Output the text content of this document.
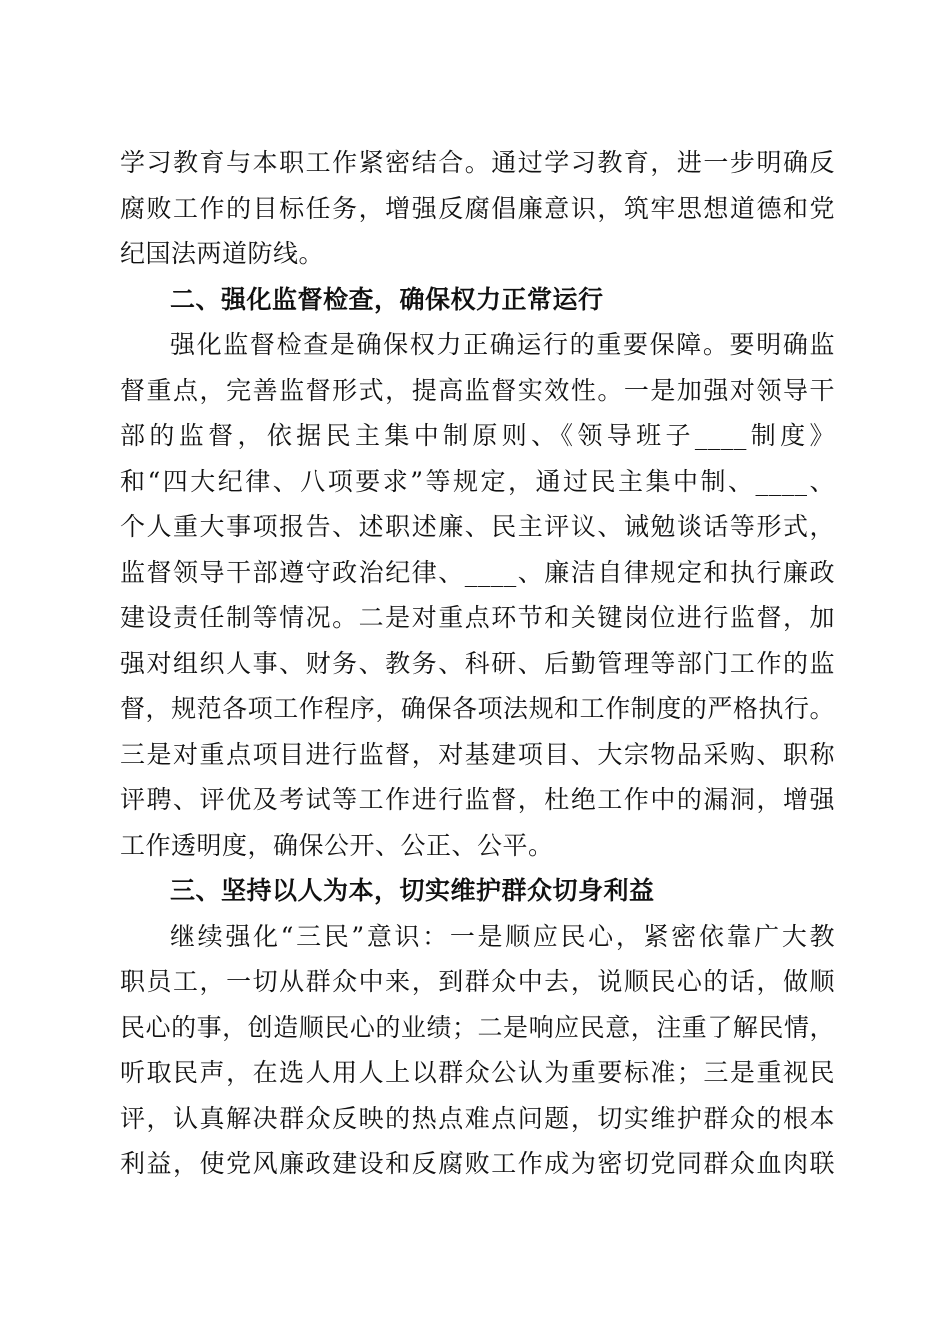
学习教育与本职工作紧密结合。通过学习教育，进一步明确反
腐败工作的目标任务，增强反腐倡廉意识，筑牢思想道德和党
纪国法两道防线。
二、强化监督检查，确保权力正常运行
强化监督检查是确保权力正确运行的重要保障。要明确监
督重点，完善监督形式，提高监督实效性。一是加强对领导干
部的监督，依据民主集中制原则、《领导班子____制度》
和“四大纪律、八项要求”等规定，通过民主集中制、____、
个人重大事项报告、述职述廉、民主评议、诫勉谈话等形式，
监督领导干部遵守政治纪律、____、廉洁自律规定和执行廉政
建设责任制等情况。二是对重点环节和关键岗位进行监督，加
强对组织人事、财务、教务、科研、后勤管理等部门工作的监
督，规范各项工作程序，确保各项法规和工作制度的严格执行。
三是对重点项目进行监督，对基建项目、大宗物品采购、职称
评聘、评优及考试等工作进行监督，杜绝工作中的漏洞，增强
工作透明度，确保公开、公正、公平。
三、坚持以人为本，切实维护群众切身利益
继续强化“三民”意识：一是顺应民心，紧密依靠广大教
职员工，一切从群众中来，到群众中去，说顺民心的话，做顺
民心的事，创造顺民心的业绩；二是响应民意，注重了解民情，
听取民声，在选人用人上以群众公认为重要标准；三是重视民
评，认真解决群众反映的热点难点问题，切实维护群众的根本
利益，使党风廉政建设和反腐败工作成为密切党同群众血肉联
